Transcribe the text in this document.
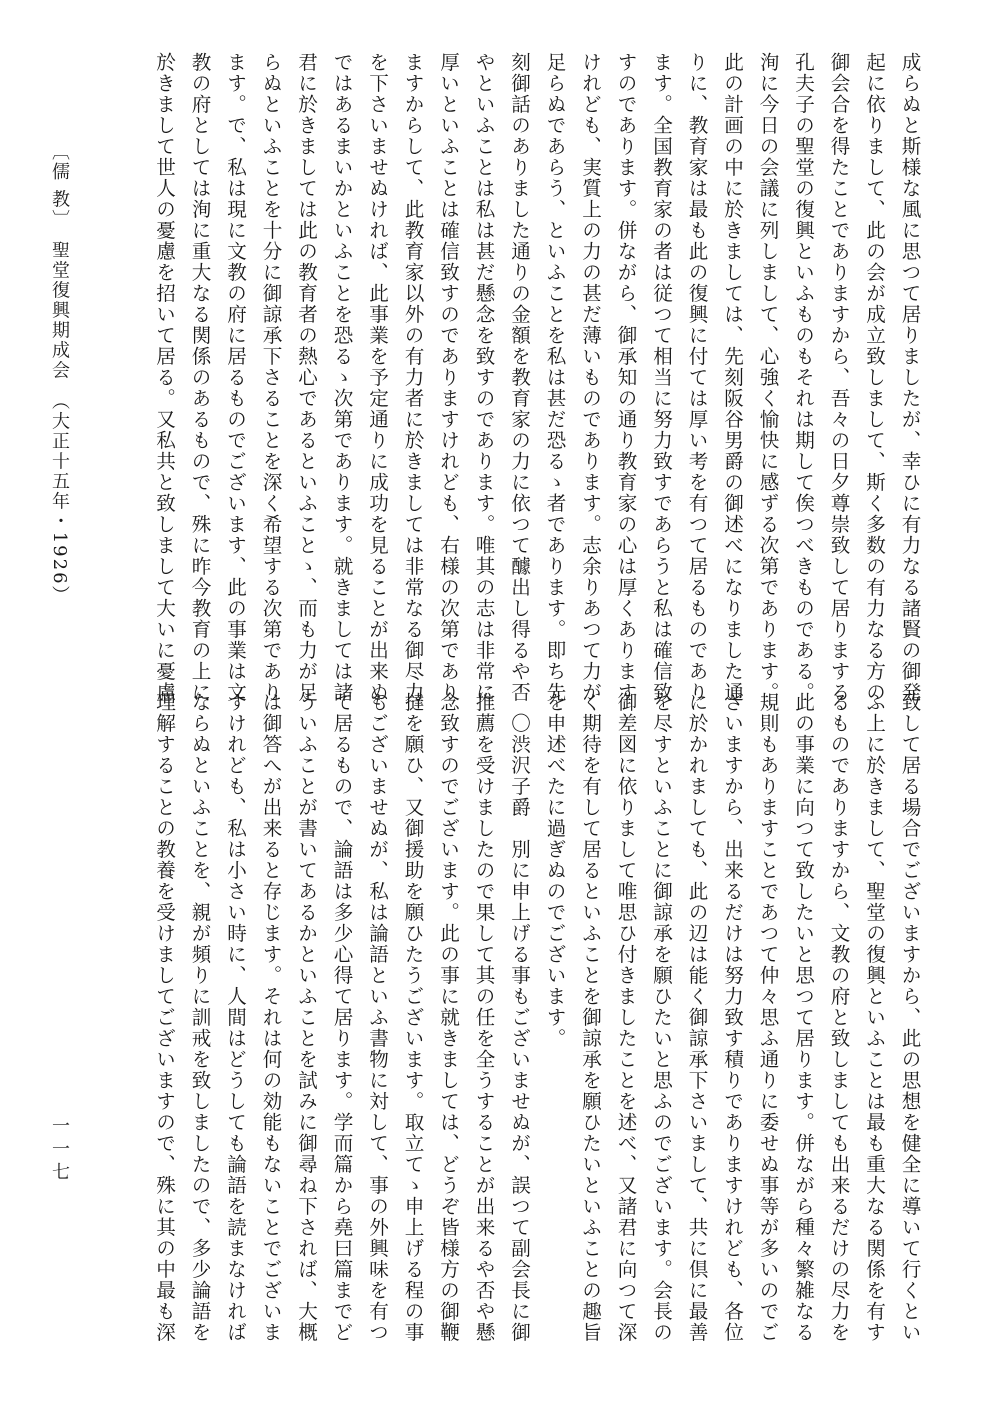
成らぬと斯様な風に思つて居りましたが、幸ひに有力なる諸賢の御発

起に依りまして、此の会が成立致しまして、斯く多数の有力なる方の

御会合を得たことでありますから、吾々の日夕尊崇致して居りまする

孔夫子の聖堂の復興といふものもそれは期して俟つべきものである。

洵に今日の会議に列しまして、心強く愉快に感ずる次第であります。

此の計画の中に於きましては、先刻阪谷男爵の御述べになりました通

りに、教育家は最も此の復興に付ては厚い考を有つて居るものであり

ます。全国教育家の者は従つて相当に努力致すであらうと私は確信致

すのであります。併ながら、御承知の通り教育家の心は厚くあります

けれども、実質上の力の甚だ薄いものであります。志余りあつて力が

足らぬであらう、といふことを私は甚だ恐るゝ者であります。即ち先

刻御話のありました通りの金額を教育家の力に依つて醵出し得るや否

やといふことは私は甚だ懸念を致すのであります。唯其の志は非常に

厚いといふことは確信致すのでありますけれども、右様の次第であり

ますからして、此教育家以外の有力者に於きましては非常なる御尽力

を下さいませぬければ、此事業を予定通りに成功を見ることが出来ぬ

ではあるまいかといふことを恐るゝ次第であります。就きましては諸

君に於きましては此の教育者の熱心であるといふことゝ、而も力が足

らぬといふことを十分に御諒承下さることを深く希望する次第であり

ます。で、私は現に文教の府に居るものでございます、此の事業は文

教の府としては洵に重大なる関係のあるもので、殊に昨今教育の上に

於きまして世人の憂慮を招いて居る。又私共と致しまして大いに憂慮

致して居る場合でございますから、此の思想を健全に導いて行くとい

ふ上に於きまして、聖堂の復興といふことは最も重大なる関係を有す

るものでありますから、文教の府と致しましても出来るだけの尽力を

此の事業に向つて致したいと思つて居ります。併ながら種々繁雑なる

規則もありますことであつて仲々思ふ通りに委せぬ事等が多いのでご

ざいますから、出来るだけは努力致す積りでありますけれども、各位

に於かれましても、此の辺は能く御諒承下さいまして、共に倶に最善

を尽すといふことに御諒承を願ひたいと思ふのでございます。会長の

御差図に依りまして唯思ひ付きましたことを述べ、又諸君に向つて深

く期待を有して居るといふことを御諒承を願ひたいといふことの趣旨

を申述べたに過ぎぬのでございます。

　〇渋沢子爵　別に申上げる事もございませぬが、誤つて副会長に御

推薦を受けましたので果して其の任を全うすることが出来るや否や懸

念致すのでございます。此の事に就きましては、どうぞ皆様方の御鞭

撻を願ひ、又御援助を願ひたうございます。取立てゝ申上げる程の事

もございませぬが、私は論語といふ書物に対して、事の外興味を有つ

て居るもので、論語は多少心得て居ります。学而篇から堯曰篇までど

ういふことが書いてあるかといふことを試みに御尋ね下されば、大概

は御答へが出来ると存じます。それは何の効能もないことでございま

すけれども、私は小さい時に、人間はどうしても論語を読まなければ

ならぬといふことを、親が頻りに訓戒を致しましたので、多少論語を

理解することの教養を受けましてございますので、殊に其の中最も深

〔儒 教〕　聖堂復興期成会　（大正十五年・1926）
一一七
